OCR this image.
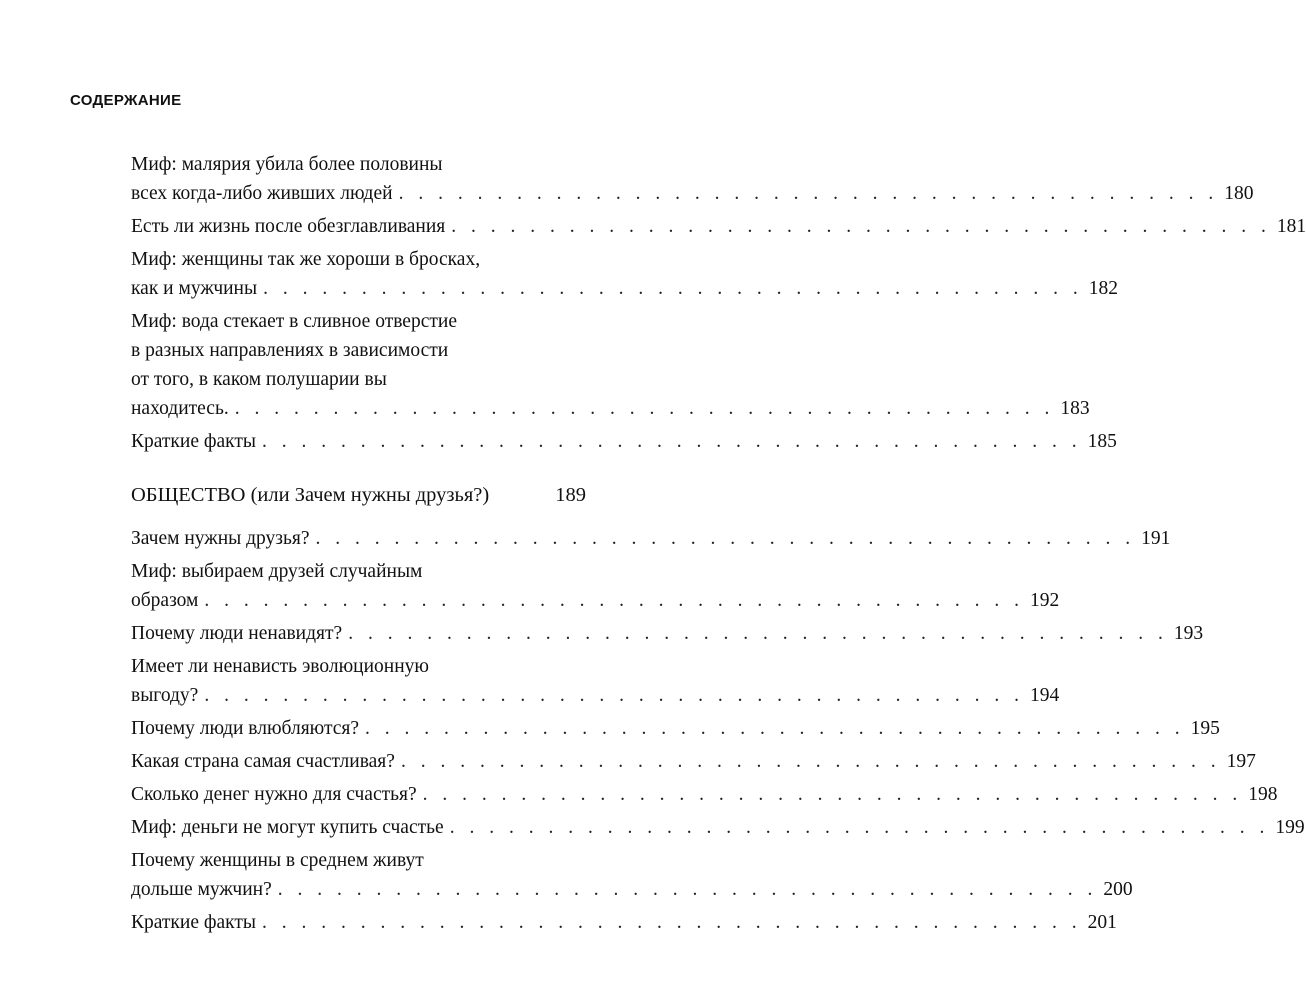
СОДЕРЖАНИЕ
Миф: малярия убила более половины
всех когда-либо живших людей . . . . . . . . . . . . . . . . . . . . . . . . . . . . . . . . . . . . . . . . . . 180
Есть ли жизнь после обезглавливания . . . . . . . . . . . . . . . . . . . . . . . . . . . . . . . . . . . . . . . . . . 181
Миф: женщины так же хороши в бросках,
как и мужчины . . . . . . . . . . . . . . . . . . . . . . . . . . . . . . . . . . . . . . . . . . 182
Миф: вода стекает в сливное отверстие
в разных направлениях в зависимости
от того, в каком полушарии вы
находитесь. . . . . . . . . . . . . . . . . . . . . . . . . . . . . . . . . . . . . . . . . . . 183
Краткие факты . . . . . . . . . . . . . . . . . . . . . . . . . . . . . . . . . . . . . . . . . . 185
ОБЩЕСТВО (или Зачем нужны друзья?)	189
Зачем нужны друзья? . . . . . . . . . . . . . . . . . . . . . . . . . . . . . . . . . . . . . . . . . . 191
Миф: выбираем друзей случайным
образом . . . . . . . . . . . . . . . . . . . . . . . . . . . . . . . . . . . . . . . . . . 192
Почему люди ненавидят? . . . . . . . . . . . . . . . . . . . . . . . . . . . . . . . . . . . . . . . . . . 193
Имеет ли ненависть эволюционную
выгоду? . . . . . . . . . . . . . . . . . . . . . . . . . . . . . . . . . . . . . . . . . . 194
Почему люди влюбляются? . . . . . . . . . . . . . . . . . . . . . . . . . . . . . . . . . . . . . . . . . . 195
Какая страна самая счастливая? . . . . . . . . . . . . . . . . . . . . . . . . . . . . . . . . . . . . . . . . . . 197
Сколько денег нужно для счастья? . . . . . . . . . . . . . . . . . . . . . . . . . . . . . . . . . . . . . . . . . . 198
Миф: деньги не могут купить счастье . . . . . . . . . . . . . . . . . . . . . . . . . . . . . . . . . . . . . . . . . . 199
Почему женщины в среднем живут
дольше мужчин? . . . . . . . . . . . . . . . . . . . . . . . . . . . . . . . . . . . . . . . . . . 200
Краткие факты . . . . . . . . . . . . . . . . . . . . . . . . . . . . . . . . . . . . . . . . . . 201
